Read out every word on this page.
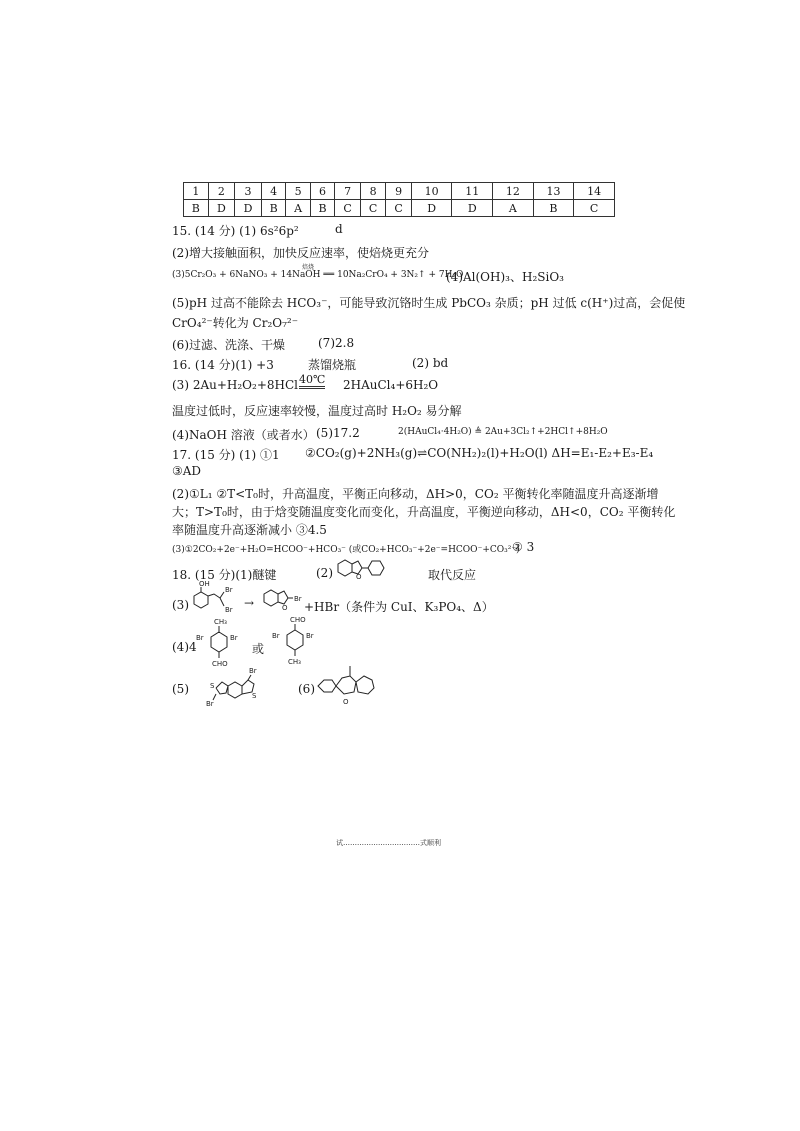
1	2	3	4	5	6	7	8	9	10	11	12	13	14
B	D	D	B	A	B	C	C	C	D	D	A	B	C
15. (14 分) (1) 6s²6p²	d
(2)增大接触面积，加快反应速率，使焙烧更充分
(3)5Cr₂O₃ + 6NaNO₃ + 14NaOH ══ 10Na₂CrO₄ + 3N₂↑ + 7H₂O
焙烧
(4)Al(OH)₃、H₂SiO₃
(5)pH 过高不能除去 HCO₃⁻，可能导致沉铬时生成 PbCO₃ 杂质；pH 过低 c(H⁺)过高，会促使
CrO₄²⁻转化为 Cr₂O₇²⁻
(6)过滤、洗涤、干燥	(7)2.8
16. (14 分)(1) +3	蒸馏烧瓶	(2) bd
(3) 2Au+H₂O₂+8HCl 40℃ 2HAuCl₄+6H₂O
温度过低时，反应速率较慢，温度过高时 H₂O₂ 易分解
(4)NaOH 溶液（或者水） (5)17.2	2(HAuCl₄·4H₂O) ≜ 2Au+3Cl₂↑+2HCl↑+8H₂O
17. (15 分) (1) ①1 ②CO₂(g)+2NH₃(g)⇌CO(NH₂)₂(l)+H₂O(l) ΔH=E₁-E₂+E₃-E₄
③AD
(2)①L₁ ②T<T₀时，升高温度，平衡正向移动，ΔH>0，CO₂ 平衡转化率随温度升高逐渐增
大；T>T₀时，由于焓变随温度变化而变化，升高温度，平衡逆向移动，ΔH<0，CO₂ 平衡转化
率随温度升高逐渐减小 ③4.5
(3)①2CO₂+2e⁻+H₂O=HCOO⁻+HCO₃⁻ (或CO₂+HCO₃⁻+2e⁻=HCOO⁻+CO₃²⁻)
② 3
18. (15 分)(1)醚键	(2)	O	取代反应
(3)
OH
Br
Br →	O
Br
+HBr（条件为 CuI、K₃PO₄、Δ）
(4)4
CH₃
Br	Br
CHO
或
CHO
Br	Br
CH₃
(5)
Br
S
S
Br
(6)
O
试……………………………式顺利
